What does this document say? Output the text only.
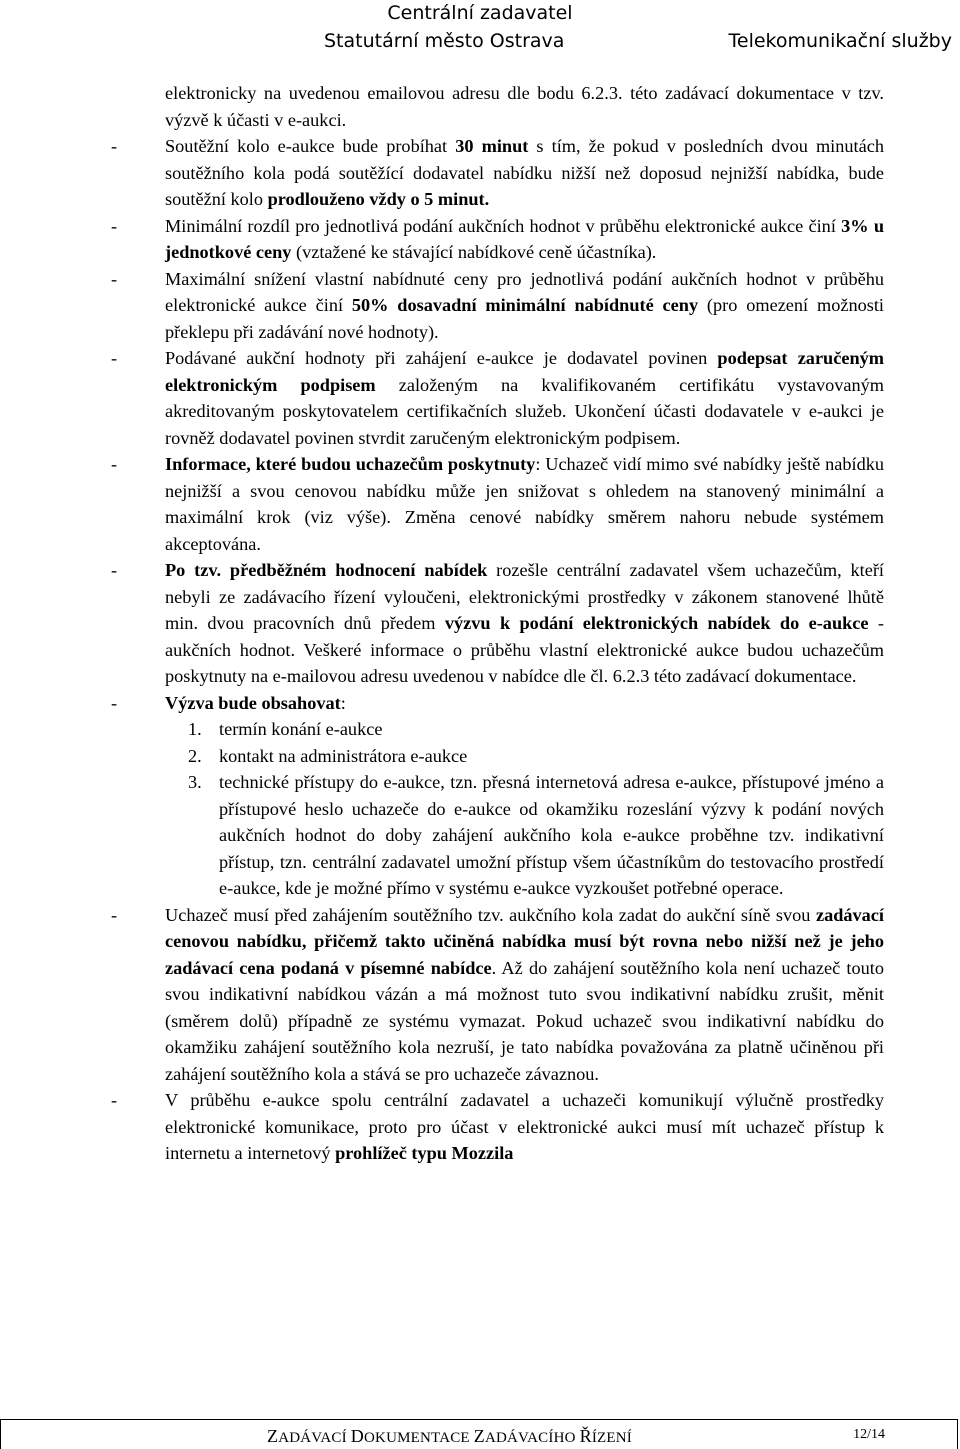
Centrální zadavatel
Statutární město Ostrava	Telekomunikační služby

elektronicky na uvedenou emailovou adresu dle bodu 6.2.3. této zadávací dokumentace v tzv. výzvě k účasti v e-aukci.

-	Soutěžní kolo e-aukce bude probíhat 30 minut s tím, že pokud v posledních dvou minutách soutěžního kola podá soutěžící dodavatel nabídku nižší než doposud nejnižší nabídka, bude soutěžní kolo prodlouženo vždy o 5 minut.
-	Minimální rozdíl pro jednotlivá podání aukčních hodnot v průběhu elektronické aukce činí 3% u jednotkové ceny (vztažené ke stávající nabídkové ceně účastníka).
-	Maximální snížení vlastní nabídnuté ceny pro jednotlivá podání aukčních hodnot v průběhu elektronické aukce činí 50% dosavadní minimální nabídnuté ceny (pro omezení možnosti překlepu při zadávání nové hodnoty).
-	Podávané aukční hodnoty při zahájení e-aukce je dodavatel povinen podepsat zaručeným elektronickým podpisem založeným na kvalifikovaném certifikátu vystavovaným akreditovaným poskytovatelem certifikačních služeb. Ukončení účasti dodavatele v e-aukci je rovněž dodavatel povinen stvrdit zaručeným elektronickým podpisem.
-	Informace, které budou uchazečům poskytnuty: Uchazeč vidí mimo své nabídky ještě nabídku nejnižší a svou cenovou nabídku může jen snižovat s ohledem na stanovený minimální a maximální krok (viz výše). Změna cenové nabídky směrem nahoru nebude systémem akceptována.
-	Po tzv. předběžném hodnocení nabídek rozešle centrální zadavatel všem uchazečům, kteří nebyli ze zadávacího řízení vyloučeni, elektronickými prostředky v zákonem stanovené lhůtě min. dvou pracovních dnů předem výzvu k podání elektronických nabídek do e-aukce - aukčních hodnot. Veškeré informace o průběhu vlastní elektronické aukce budou uchazečům poskytnuty na e-mailovou adresu uvedenou v nabídce dle čl. 6.2.3 této zadávací dokumentace.
-	Výzva bude obsahovat:
1. termín konání e-aukce
2. kontakt na administrátora e-aukce
3. technické přístupy do e-aukce, tzn. přesná internetová adresa e-aukce, přístupové jméno a přístupové heslo uchazeče do e-aukce od okamžiku rozeslání výzvy k podání nových aukčních hodnot do doby zahájení aukčního kola e-aukce proběhne tzv. indikativní přístup, tzn. centrální zadavatel umožní přístup všem účastníkům do testovacího prostředí e-aukce, kde je možné přímo v systému e-aukce vyzkoušet potřebné operace.
-	Uchazeč musí před zahájením soutěžního tzv. aukčního kola zadat do aukční síně svou zadávací cenovou nabídku, přičemž takto učiněná nabídka musí být rovna nebo nižší než je jeho zadávací cena podaná v písemné nabídce. Až do zahájení soutěžního kola není uchazeč touto svou indikativní nabídkou vázán a má možnost tuto svou indikativní nabídku zrušit, měnit (směrem dolů) případně ze systému vymazat. Pokud uchazeč svou indikativní nabídku do okamžiku zahájení soutěžního kola nezruší, je tato nabídka považována za platně učiněnou při zahájení soutěžního kola a stává se pro uchazeče závaznou.
-	V průběhu e-aukce spolu centrální zadavatel a uchazeči komunikují výlučně prostředky elektronické komunikace, proto pro účast v elektronické aukci musí mít uchazeč přístup k internetu a internetový prohlížeč typu Mozzila
ZADÁVACÍ DOKUMENTACE ZADÁVACÍHO ŘÍZENÍ	12/14
